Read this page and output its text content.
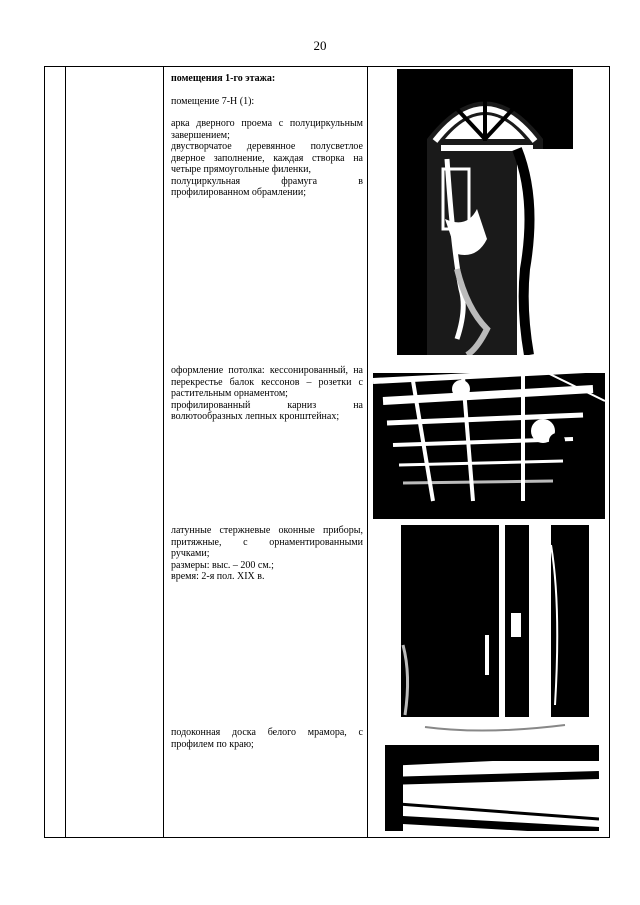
20

помещения 1-го этажа:

помещение 7-Н (1):

арка дверного проема с полуциркульным завершением;

двустворчатое деревянное полусветлое дверное заполнение, каждая створка на четыре прямоугольные филенки,

полуциркульная фрамуга в профилированном обрамлении;

оформление потолка: кессонированный, на перекрестье балок кессонов – розетки с растительным орнаментом;

профилированный карниз на волютообразных лепных кронштейнах;

латунные стержневые оконные приборы, притяжные, с орнаментированными ручками;

размеры: выс. – 200 см.;

время: 2-я пол. XIX в.

подоконная доска белого мрамора, с профилем по краю;
